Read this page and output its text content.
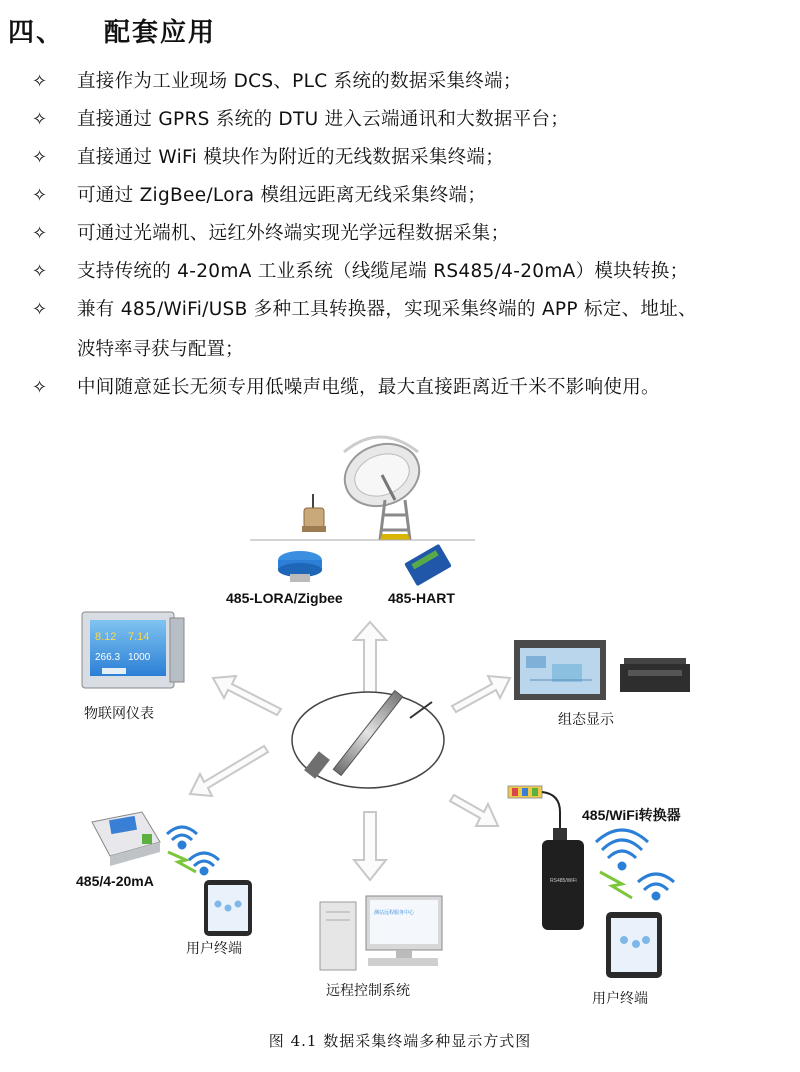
四、 配套应用
✧	直接作为工业现场 DCS、PLC 系统的数据采集终端；
✧	直接通过 GPRS 系统的 DTU 进入云端通讯和大数据平台；
✧	直接通过 WiFi 模块作为附近的无线数据采集终端；
✧	可通过 ZigBee/Lora 模组远距离无线采集终端；
✧	可通过光端机、远红外终端实现光学远程数据采集；
✧	支持传统的 4-20mA 工业系统（线缆尾端 RS485/4-20mA）模块转换；
✧	兼有 485/WiFi/USB 多种工具转换器，实现采集终端的 APP 标定、地址、
波特率寻获与配置；
✧	中间随意延长无须专用低噪声电缆，最大直接距离近千米不影响使用。
485-LORA/Zigbee	485-HART
8.12 7.14
266.3 1000
物联网仪表	组态显示
485/WiFi转换器
RS485/WiFi
用户终端
485/4-20mA
用户终端
测站远程服务中心
远程控制系统
图 4.1 数据采集终端多种显示方式图
